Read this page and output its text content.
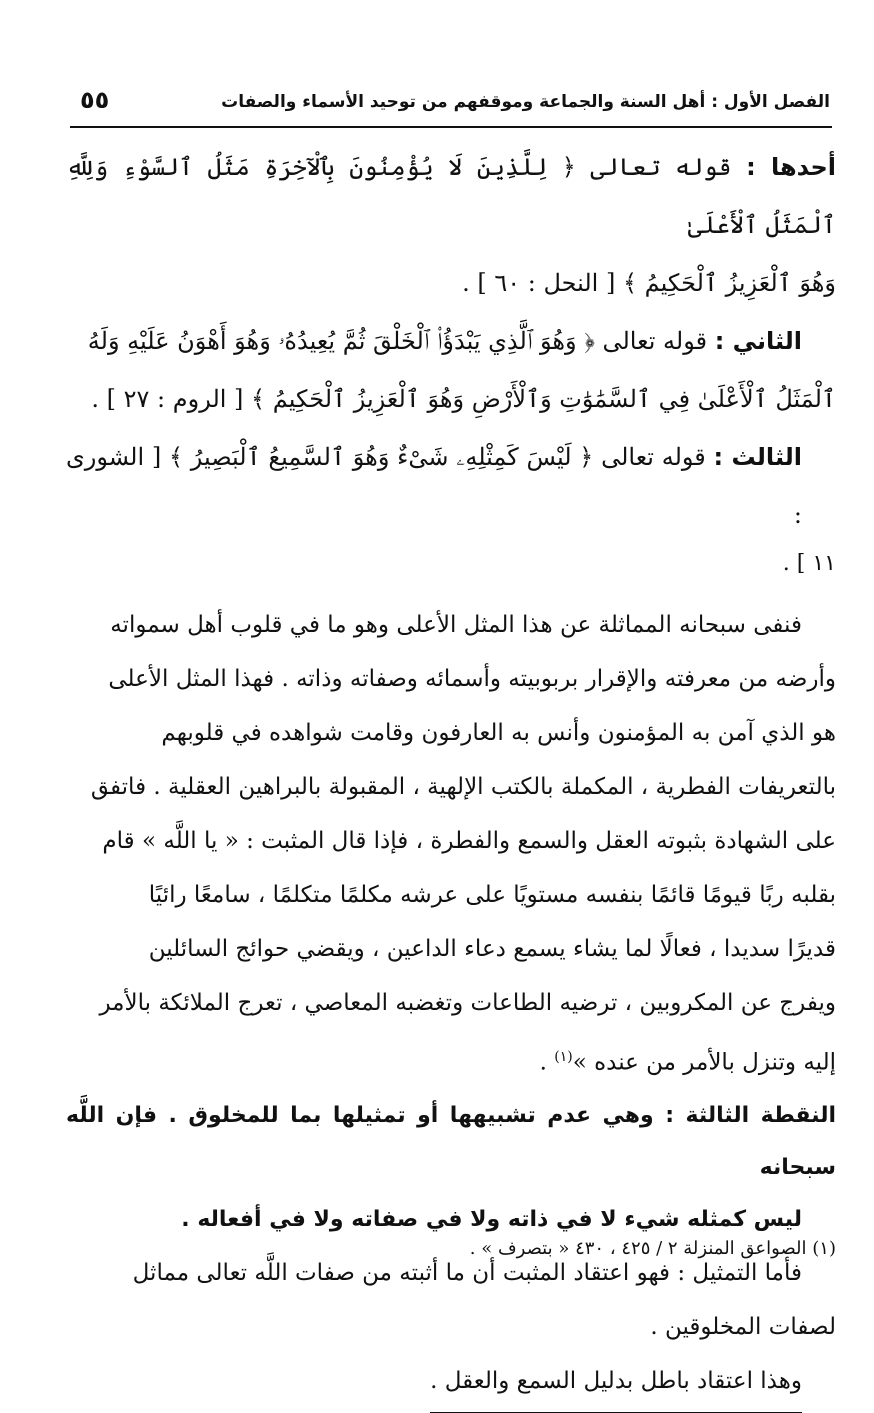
الفصل الأول : أهل السنة والجماعة وموقفهم من توحيد الأسماء والصفات
٥٥
أحدها : قوله تعالى ﴿ لِلَّذِينَ لَا يُؤْمِنُونَ بِٱلْآخِرَةِ مَثَلُ ٱلسَّوْءِ وَلِلَّهِ ٱلْمَثَلُ ٱلْأَعْلَىٰ
وَهُوَ ٱلْعَزِيزُ ٱلْحَكِيمُ ﴾ [ النحل : ٦٠ ] .
الثاني : قوله تعالى ﴿ وَهُوَ ٱلَّذِي يَبْدَؤُا۟ ٱلْخَلْقَ ثُمَّ يُعِيدُهُۥ وَهُوَ أَهْوَنُ عَلَيْهِ وَلَهُ
ٱلْمَثَلُ ٱلْأَعْلَىٰ فِي ٱلسَّمَٰوَٰتِ وَٱلْأَرْضِ وَهُوَ ٱلْعَزِيزُ ٱلْحَكِيمُ ﴾ [ الروم : ٢٧ ] .
الثالث : قوله تعالى ﴿ لَيْسَ كَمِثْلِهِۦ شَىْءٌ وَهُوَ ٱلسَّمِيعُ ٱلْبَصِيرُ ﴾ [ الشورى :
١١ ] .
فنفى سبحانه المماثلة عن هذا المثل الأعلى وهو ما في قلوب أهل سمواته
وأرضه من معرفته والإقرار بربوبيته وأسمائه وصفاته وذاته . فهذا المثل الأعلى
هو الذي آمن به المؤمنون وأنس به العارفون وقامت شواهده في قلوبهم
بالتعريفات الفطرية ، المكملة بالكتب الإلهية ، المقبولة بالبراهين العقلية . فاتفق
على الشهادة بثبوته العقل والسمع والفطرة ، فإذا قال المثبت : « يا اللَّه » قام
بقلبه ربًا قيومًا قائمًا بنفسه مستويًا على عرشه مكلمًا متكلمًا ، سامعًا رائيًا
قديرًا سديدا ، فعالًا لما يشاء يسمع دعاء الداعين ، ويقضي حوائج السائلين
ويفرج عن المكروبين ، ترضيه الطاعات وتغضبه المعاصي ، تعرج الملائكة بالأمر
إليه وتنزل بالأمر من عنده »$^{(١)}$ .
النقطة الثالثة : وهي عدم تشبيهها أو تمثيلها بما للمخلوق . فإن اللَّه سبحانه
ليس كمثله شيء لا في ذاته ولا في صفاته ولا في أفعاله .
فأما التمثيل : فهو اعتقاد المثبت أن ما أثبته من صفات اللَّه تعالى مماثل
لصفات المخلوقين .
وهذا اعتقاد باطل بدليل السمع والعقل .
(١) الصواعق المنزلة ٢ / ٤٢٥ ، ٤٣٠ « بتصرف » .
